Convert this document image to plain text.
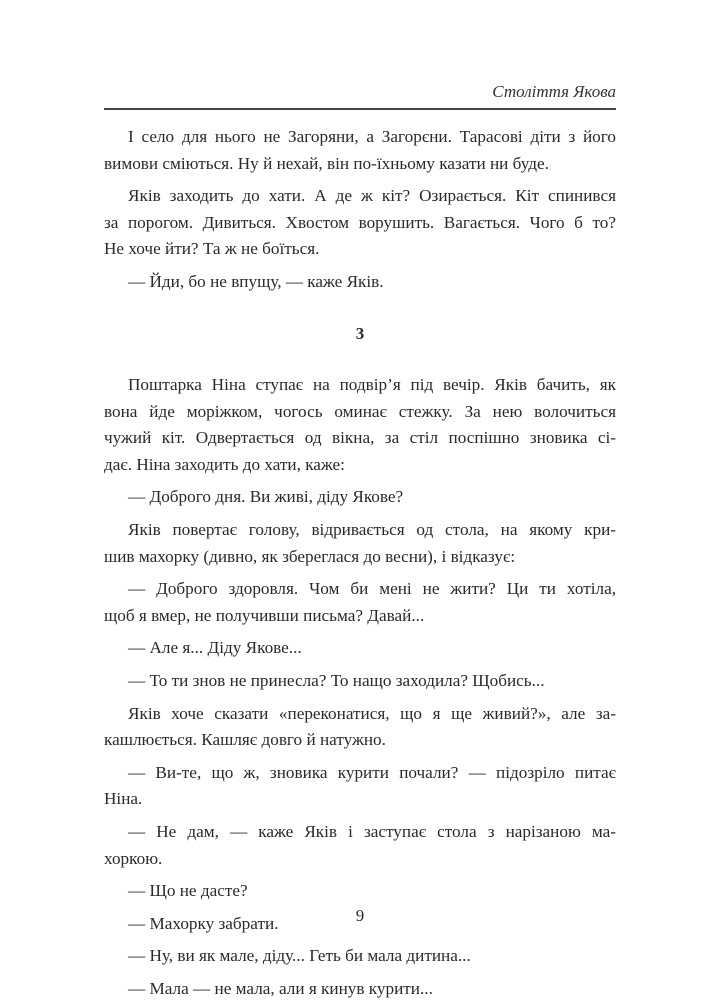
Століття Якова

І село для нього не Загоряни, а Загорєни. Тарасові діти з його
вимови сміються. Ну й нехай, він по-їхньому казати ни буде.

Яків заходить до хати. А де ж кіт? Озирається. Кіт спинився
за порогом. Дивиться. Хвостом ворушить. Вагається. Чого б то?
Не хоче йти? Та ж не боїться.

— Йди, бо не впущу, — каже Яків.

3

Поштарка Ніна ступає на подвір’я під вечір. Яків бачить, як
вона йде моріжком, чогось оминає стежку. За нею волочиться
чужий кіт. Одвертається од вікна, за стіл поспішно зновика сі-
дає. Ніна заходить до хати, каже:

— Доброго дня. Ви живі, діду Якове?

Яків повертає голову, відривається од стола, на якому кри-
шив махорку (дивно, як збереглася до весни), і відказує:

— Доброго здоровля. Чом би мені не жити? Ци ти хотіла,
щоб я вмер, не получивши письма? Давай...

— Але я... Діду Якове...

— То ти знов не принесла? То нащо заходила? Щобись...

Яків хоче сказати «переконатися, що я ще живий?», але за-
кашлюється. Кашляє довго й натужно.

— Ви-те, що ж, зновика курити почали? — підозріло питає
Ніна.

— Не дам, — каже Яків і заступає стола з нарізаною ма-
хоркою.

— Що не дасте?

— Махорку забрати.

— Ну, ви як мале, діду... Геть би мала дитина...

— Мала — не мала, али я кинув курити...

9
